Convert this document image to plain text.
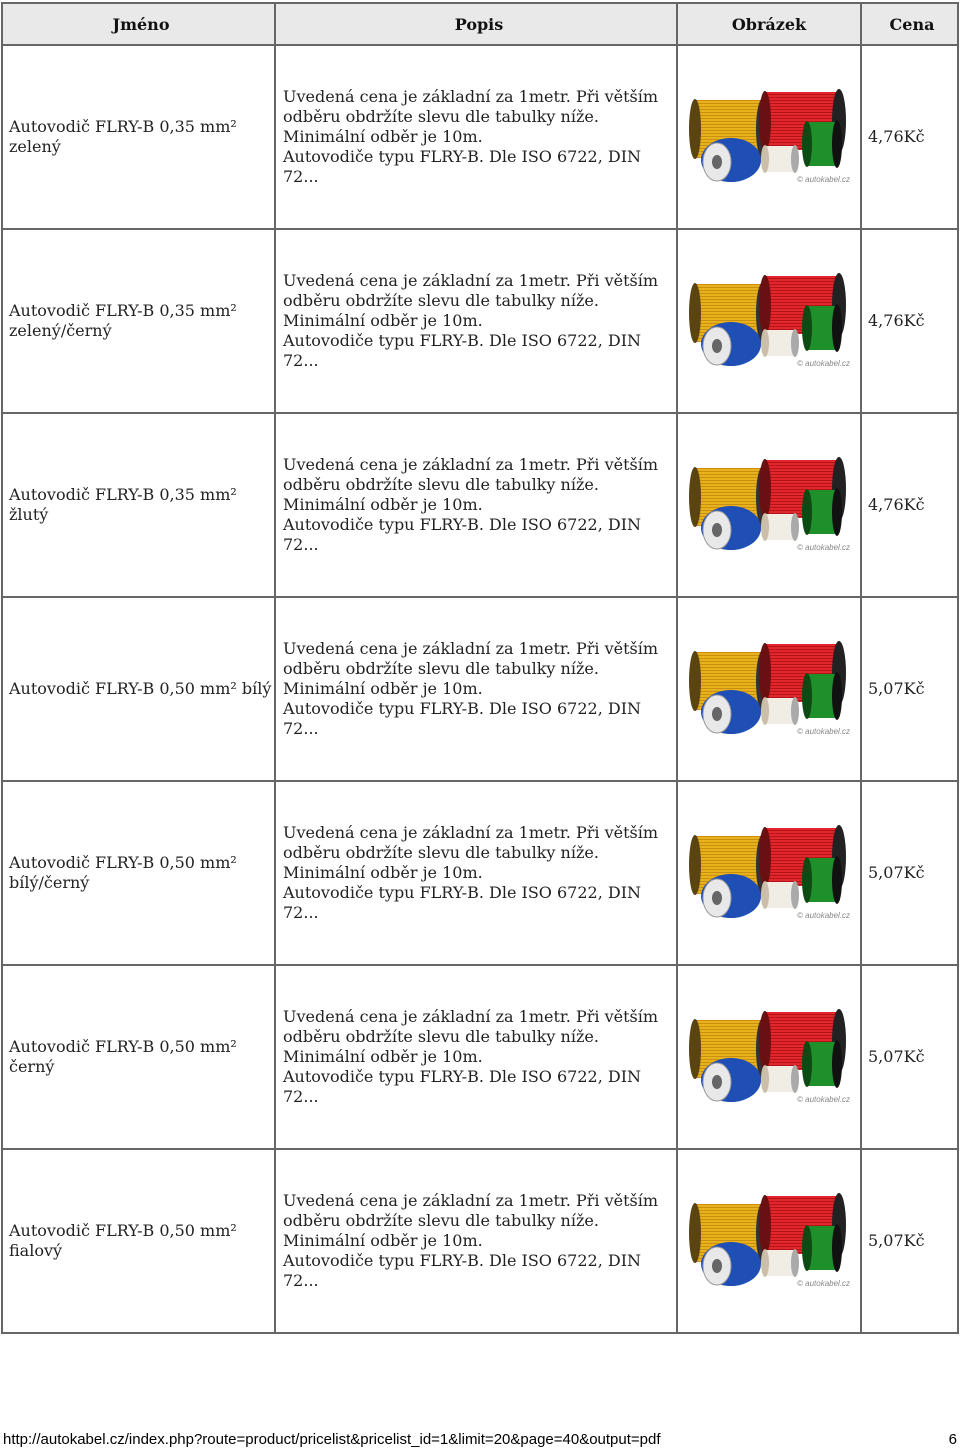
Jméno	Popis	Obrázek	Cena
Autovodič FLRY-B 0,35 mm² zelený	Uvedená cena je základní za 1metr. Při větším
odběru obdržíte slevu dle tabulky níže.
Minimální odběr je 10m.
Autovodiče typu FLRY-B. Dle ISO 6722, DIN
72...	© autokabel.cz	4,76Kč
Autovodič FLRY-B 0,35 mm² zelený/černý	Uvedená cena je základní za 1metr. Při větším
odběru obdržíte slevu dle tabulky níže.
Minimální odběr je 10m.
Autovodiče typu FLRY-B. Dle ISO 6722, DIN
72...	© autokabel.cz	4,76Kč
Autovodič FLRY-B 0,35 mm² žlutý	Uvedená cena je základní za 1metr. Při větším
odběru obdržíte slevu dle tabulky níže.
Minimální odběr je 10m.
Autovodiče typu FLRY-B. Dle ISO 6722, DIN
72...	© autokabel.cz	4,76Kč
Autovodič FLRY-B 0,50 mm² bílý	Uvedená cena je základní za 1metr. Při větším
odběru obdržíte slevu dle tabulky níže.
Minimální odběr je 10m.
Autovodiče typu FLRY-B. Dle ISO 6722, DIN
72...	© autokabel.cz	5,07Kč
Autovodič FLRY-B 0,50 mm² bílý/černý	Uvedená cena je základní za 1metr. Při větším
odběru obdržíte slevu dle tabulky níže.
Minimální odběr je 10m.
Autovodiče typu FLRY-B. Dle ISO 6722, DIN
72...	© autokabel.cz	5,07Kč
Autovodič FLRY-B 0,50 mm² černý	Uvedená cena je základní za 1metr. Při větším
odběru obdržíte slevu dle tabulky níže.
Minimální odběr je 10m.
Autovodiče typu FLRY-B. Dle ISO 6722, DIN
72...	© autokabel.cz	5,07Kč
Autovodič FLRY-B 0,50 mm² fialový	Uvedená cena je základní za 1metr. Při větším
odběru obdržíte slevu dle tabulky níže.
Minimální odběr je 10m.
Autovodiče typu FLRY-B. Dle ISO 6722, DIN
72...	© autokabel.cz	5,07Kč
http://autokabel.cz/index.php?route=product/pricelist&pricelist_id=1&limit=20&page=40&output=pdf	6
